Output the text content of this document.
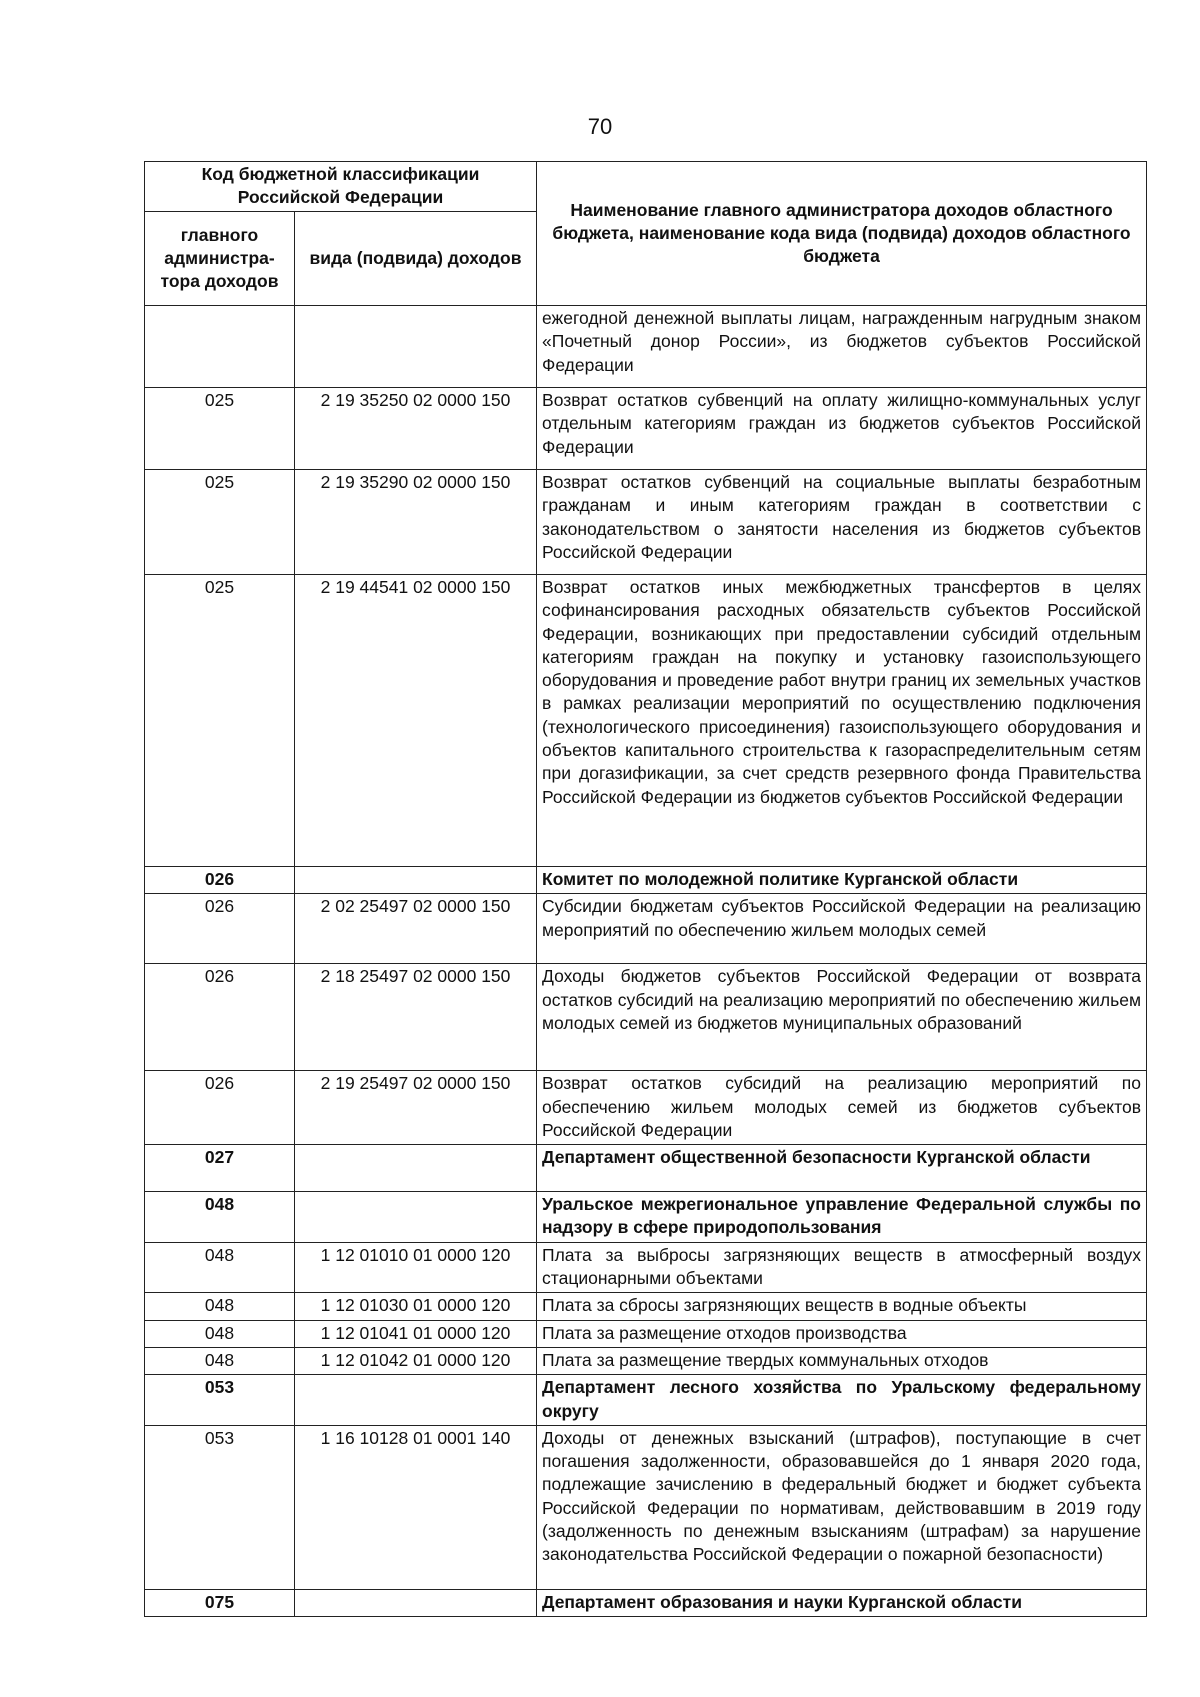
70
Код бюджетной классификации Российской Федерации		Наименование главного администратора доходов областного бюджета, наименование кода вида (подвида) доходов областного бюджета
главного администра-тора доходов	вида (подвида) доходов	
		ежегодной денежной выплаты лицам, награжденным нагрудным знаком «Почетный донор России», из бюджетов субъектов Российской Федерации
025	2 19 35250 02 0000 150	Возврат остатков субвенций на оплату жилищно-коммунальных услуг отдельным категориям граждан из бюджетов субъектов Российской Федерации
025	2 19 35290 02 0000 150	Возврат остатков субвенций на социальные выплаты безработным гражданам и иным категориям граждан в соответствии с законодательством о занятости населения из бюджетов субъектов Российской Федерации
025	2 19 44541 02 0000 150	Возврат остатков иных межбюджетных трансфертов в целях софинансирования расходных обязательств субъектов Российской Федерации, возникающих при предоставлении субсидий отдельным категориям граждан на покупку и установку газоиспользующего оборудования и проведение работ внутри границ их земельных участков в рамках реализации мероприятий по осуществлению подключения (технологического присоединения) газоиспользующего оборудования и объектов капитального строительства к газораспределительным сетям при догазификации, за счет средств резервного фонда Правительства Российской Федерации из бюджетов субъектов Российской Федерации
026		Комитет по молодежной политике Курганской области
026	2 02 25497 02 0000 150	Субсидии бюджетам субъектов Российской Федерации на реализацию мероприятий по обеспечению жильем молодых семей
026	2 18 25497 02 0000 150	Доходы бюджетов субъектов Российской Федерации от возврата остатков субсидий на реализацию мероприятий по обеспечению жильем молодых семей из бюджетов муниципальных образований
026	2 19 25497 02 0000 150	Возврат остатков субсидий на реализацию мероприятий по обеспечению жильем молодых семей из бюджетов субъектов Российской Федерации
027		Департамент общественной безопасности Курганской области
048		Уральское межрегиональное управление Федеральной службы по надзору в сфере природопользования
048	1 12 01010 01 0000 120	Плата за выбросы загрязняющих веществ в атмосферный воздух стационарными объектами
048	1 12 01030 01 0000 120	Плата за сбросы загрязняющих веществ в водные объекты
048	1 12 01041 01 0000 120	Плата за размещение отходов производства
048	1 12 01042 01 0000 120	Плата за размещение твердых коммунальных отходов
053		Департамент лесного хозяйства по Уральскому федеральному округу
053	1 16 10128 01 0001 140	Доходы от денежных взысканий (штрафов), поступающие в счет погашения задолженности, образовавшейся до 1 января 2020 года, подлежащие зачислению в федеральный бюджет и бюджет субъекта Российской Федерации по нормативам, действовавшим в 2019 году (задолженность по денежным взысканиям (штрафам) за нарушение законодательства Российской Федерации о пожарной безопасности)
075		Департамент образования и науки Курганской области
